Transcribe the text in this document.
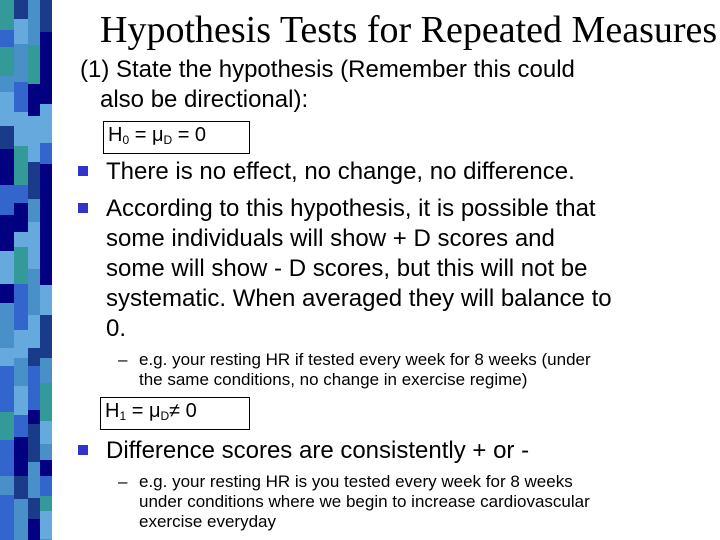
Hypothesis Tests for Repeated Measures
(1) State the hypothesis (Remember this could
also be directional):
$H_0 = \mu_D = 0$
There is no effect, no change, no difference.
According to this hypothesis, it is possible that
some individuals will show + D scores and
some will show - D scores, but this will not be
systematic. When averaged they will balance to
0.
– e.g. your resting HR if tested every week for 8 weeks (under
the same conditions, no change in exercise regime)
$H_1 = \mu_D\ne 0$
Difference scores are consistently + or -
– e.g. your resting HR is you tested every week for 8 weeks
under conditions where we begin to increase cardiovascular
exercise everyday
